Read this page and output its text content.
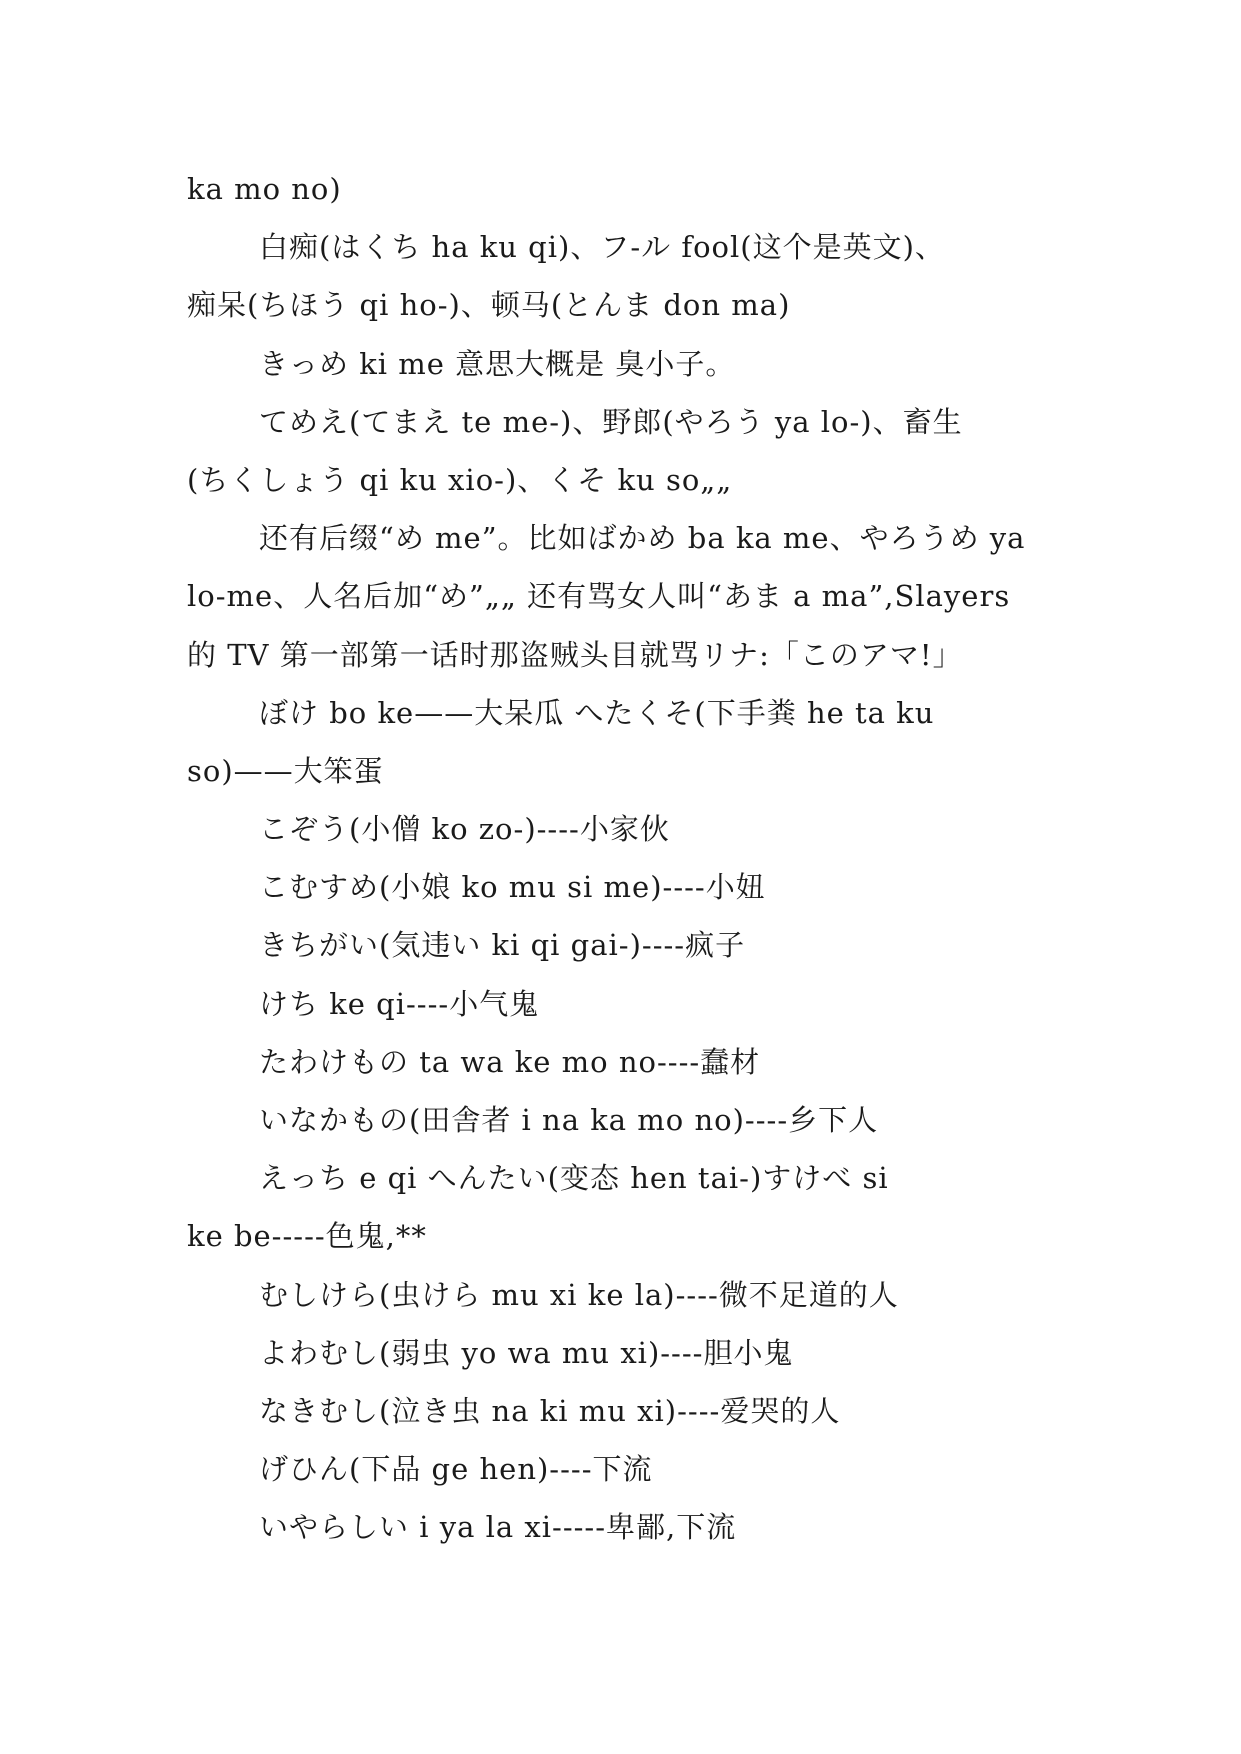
ka mo no)
白痴(はくち ha ku qi)、フ-ル fool(这个是英文)、
痴呆(ちほう qi ho-)、顿马(とんま don ma)
きっめ ki me 意思大概是 臭小子。
てめえ(てまえ te me-)、野郎(やろう ya lo-)、畜生
(ちくしょう qi ku xio-)、くそ ku so„„
还有后缀“め me”。比如ばかめ ba ka me、やろうめ ya
lo-me、人名后加“め”„„ 还有骂女人叫“あま a ma”,Slayers
的 TV 第一部第一话时那盗贼头目就骂リナ:「このアマ!」
ぼけ bo ke——大呆瓜 へたくそ(下手粪 he ta ku
so)——大笨蛋
こぞう(小僧 ko zo-)----小家伙
こむすめ(小娘 ko mu si me)----小妞
きちがい(気违い ki qi gai-)----疯子
けち ke qi----小气鬼
たわけもの ta wa ke mo no----蠢材
いなかもの(田舎者 i na ka mo no)----乡下人
えっち e qi へんたい(变态 hen tai-)すけべ si
ke be-----色鬼,**
むしけら(虫けら mu xi ke la)----微不足道的人
よわむし(弱虫 yo wa mu xi)----胆小鬼
なきむし(泣き虫 na ki mu xi)----爱哭的人
げひん(下品 ge hen)----下流
いやらしい i ya la xi-----卑鄙,下流
